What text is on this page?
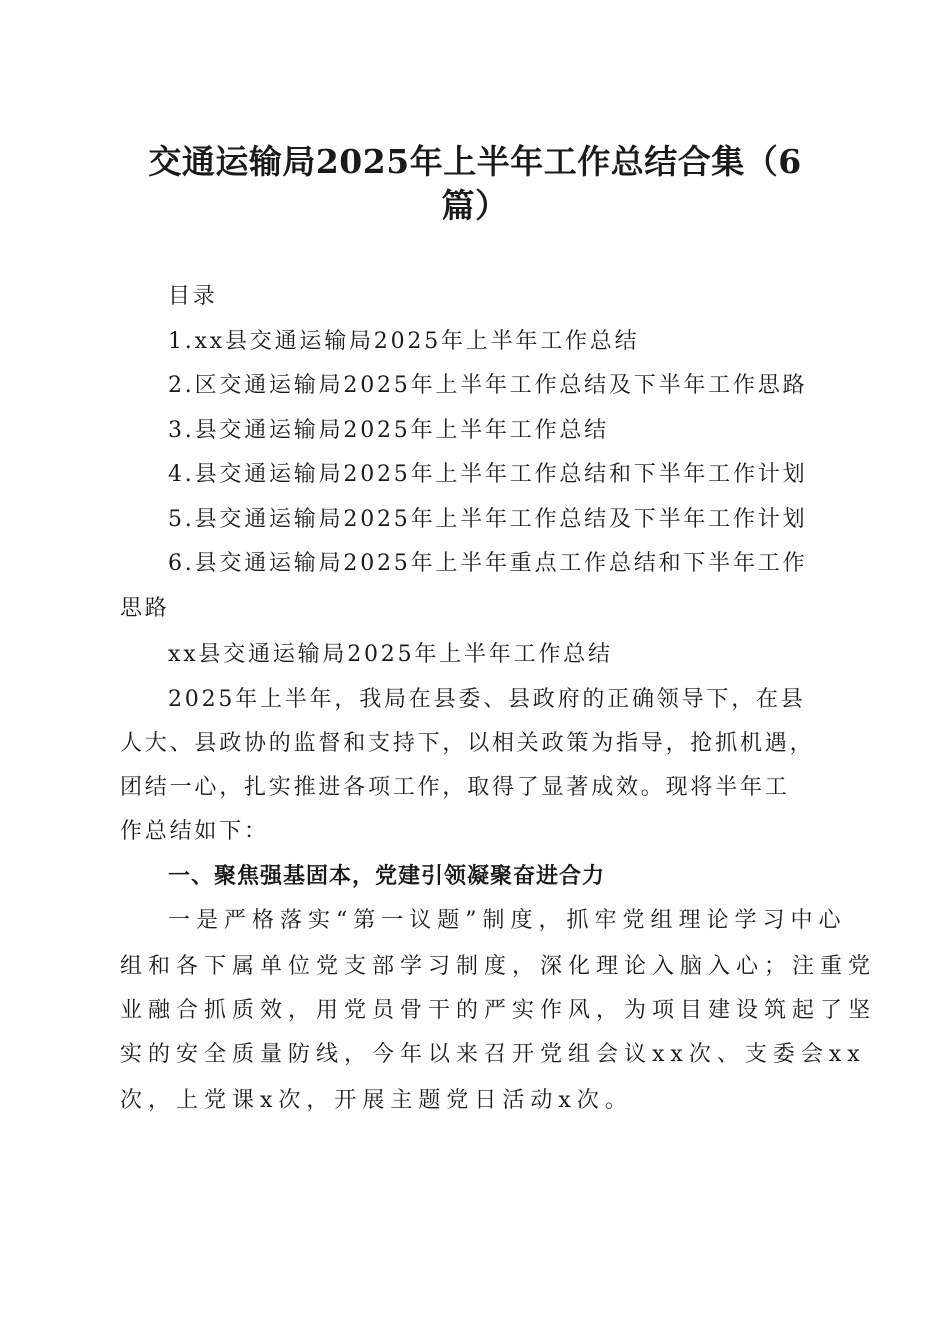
交通运输局2025年上半年工作总结合集（6
篇）
目录
1.xx县交通运输局2025年上半年工作总结
2.区交通运输局2025年上半年工作总结及下半年工作思路
3.县交通运输局2025年上半年工作总结
4.县交通运输局2025年上半年工作总结和下半年工作计划
5.县交通运输局2025年上半年工作总结及下半年工作计划
6.县交通运输局2025年上半年重点工作总结和下半年工作
思路
xx县交通运输局2025年上半年工作总结
2025年上半年，我局在县委、县政府的正确领导下，在县
人大、县政协的监督和支持下，以相关政策为指导，抢抓机遇，
团结一心，扎实推进各项工作，取得了显著成效。现将半年工
作总结如下：
一、聚焦强基固本，党建引领凝聚奋进合力
一是严格落实“第一议题”制度，抓牢党组理论学习中心
组和各下属单位党支部学习制度，深化理论入脑入心；注重党
业融合抓质效，用党员骨干的严实作风，为项目建设筑起了坚
实的安全质量防线，今年以来召开党组会议xx次、支委会xx
次，上党课x次，开展主题党日活动x次。
